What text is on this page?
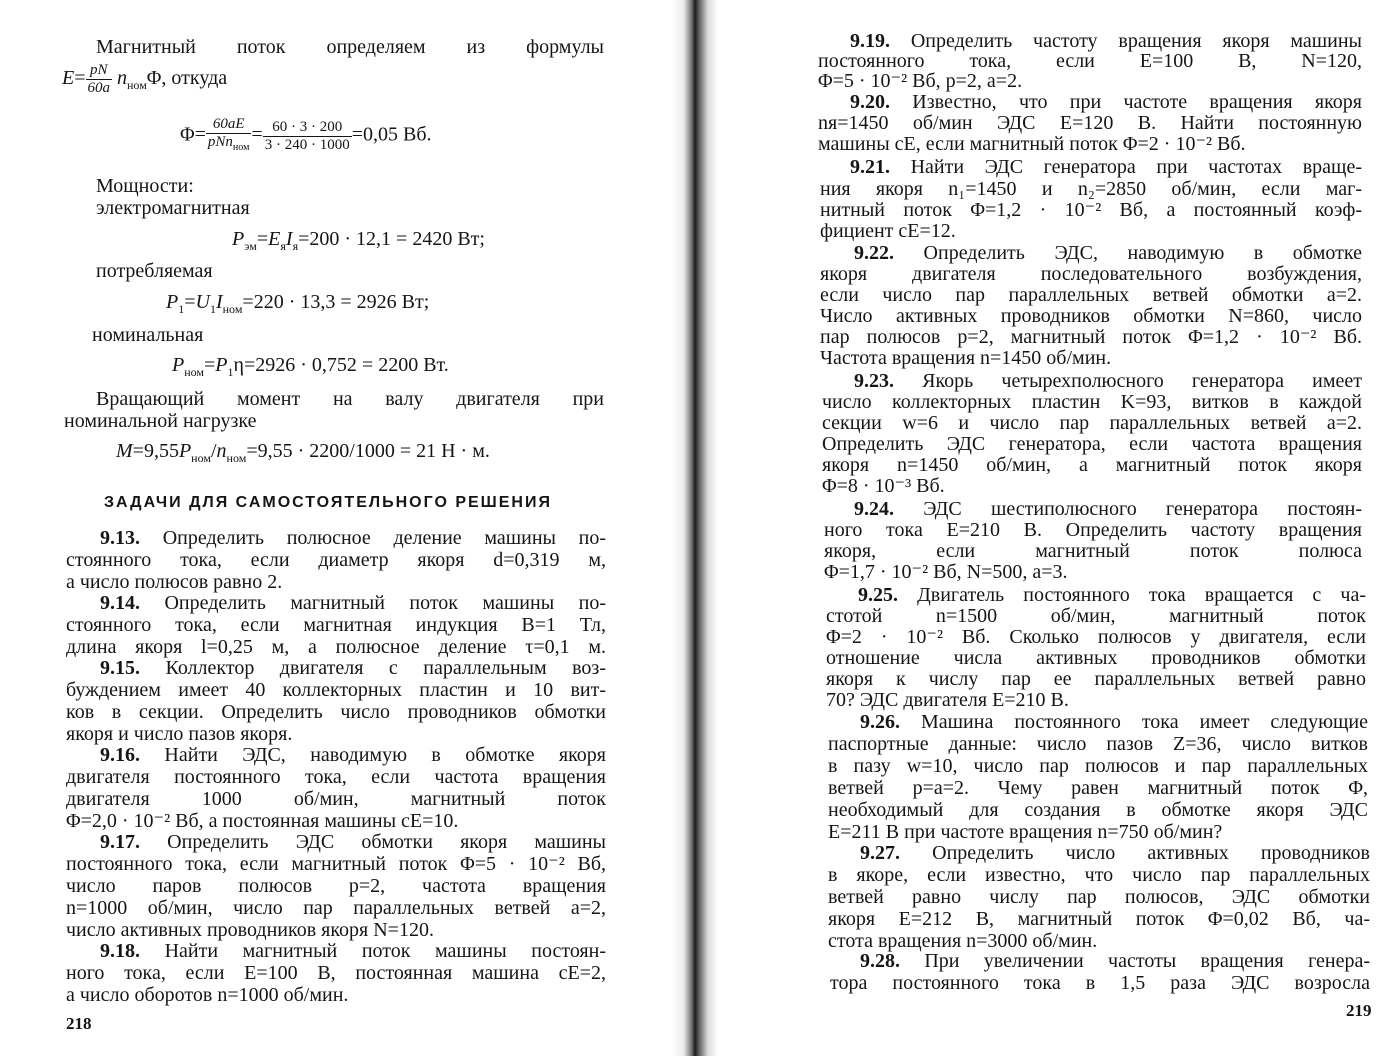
Магнитный поток определяем из формулы
$E= \frac{pN}{60a} n_{ном}\Phi$, откуда
$\Phi= \frac{60aE}{pNn_{ном}} = \frac{60 \cdot 3 \cdot 200}{3 \cdot 240 \cdot 1000} =0,05$ Вб.
Мощности:
электромагнитная
$P_{эм}=E_яI_я=200 \cdot 12,1 = 2420$ Вт;
потребляемая
$P_1=U_1I_{ном}=220 \cdot 13,3 = 2926$ Вт;
номинальная
$P_{ном}=P_1\eta=2926 \cdot 0,752 = 2200$ Вт.
Вращающий момент на валу двигателя при
номинальной нагрузке
$M=9,55P_{ном}/n_{ном}=9,55 \cdot 2200/1000 = 21$ Н · м.
ЗАДАЧИ ДЛЯ САМОСТОЯТЕЛЬНОГО РЕШЕНИЯ
9.13. Определить полюсное деление машины по-
стоянного тока, если диаметр якоря d=0,319 м,
а число полюсов равно 2.
9.14. Определить магнитный поток машины по-
стоянного тока, если магнитная индукция B=1 Тл,
длина якоря l=0,25 м, а полюсное деление τ=0,1 м.
9.15. Коллектор двигателя с параллельным воз-
буждением имеет 40 коллекторных пластин и 10 вит-
ков в секции. Определить число проводников обмотки
якоря и число пазов якоря.
9.16. Найти ЭДС, наводимую в обмотке якоря
двигателя постоянного тока, если частота вращения
двигателя 1000 об/мин, магнитный поток
Φ=2,0 · 10⁻² Вб, а постоянная машины cE=10.
9.17. Определить ЭДС обмотки якоря машины
постоянного тока, если магнитный поток Φ=5 · 10⁻² Вб,
число паров полюсов p=2, частота вращения
n=1000 об/мин, число пар параллельных ветвей a=2,
число активных проводников якоря N=120.
9.18. Найти магнитный поток машины постоян-
ного тока, если E=100 В, постоянная машина cE=2,
а число оборотов n=1000 об/мин.
218
9.19. Определить частоту вращения якоря машины
постоянного тока, если E=100 В, N=120,
Φ=5 · 10⁻² Вб, p=2, a=2.
9.20. Известно, что при частоте вращения якоря
nя=1450 об/мин ЭДС E=120 В. Найти постоянную
машины cE, если магнитный поток Φ=2 · 10⁻² Вб.
9.21. Найти ЭДС генератора при частотах враще-
ния якоря n₁=1450 и n₂=2850 об/мин, если маг-
нитный поток Φ=1,2 · 10⁻² Вб, а постоянный коэф-
фициент cE=12.
9.22. Определить ЭДС, наводимую в обмотке
якоря двигателя последовательного возбуждения,
если число пар параллельных ветвей обмотки a=2.
Число активных проводников обмотки N=860, число
пар полюсов p=2, магнитный поток Φ=1,2 · 10⁻² Вб.
Частота вращения n=1450 об/мин.
9.23. Якорь четырехполюсного генератора имеет
число коллекторных пластин K=93, витков в каждой
секции w=6 и число пар параллельных ветвей a=2.
Определить ЭДС генератора, если частота вращения
якоря n=1450 об/мин, а магнитный поток якоря
Φ=8 · 10⁻³ Вб.
9.24. ЭДС шестиполюсного генератора постоян-
ного тока E=210 В. Определить частоту вращения
якоря, если магнитный поток полюса
Φ=1,7 · 10⁻² Вб, N=500, a=3.
9.25. Двигатель постоянного тока вращается с ча-
стотой n=1500 об/мин, магнитный поток
Φ=2 · 10⁻² Вб. Сколько полюсов у двигателя, если
отношение числа активных проводников обмотки
якоря к числу пар ее параллельных ветвей равно
70? ЭДС двигателя E=210 В.
9.26. Машина постоянного тока имеет следующие
паспортные данные: число пазов Z=36, число витков
в пазу w=10, число пар полюсов и пар параллельных
ветвей p=a=2. Чему равен магнитный поток Φ,
необходимый для создания в обмотке якоря ЭДС
E=211 В при частоте вращения n=750 об/мин?
9.27. Определить число активных проводников
в якоре, если известно, что число пар параллельных
ветвей равно числу пар полюсов, ЭДС обмотки
якоря E=212 В, магнитный поток Φ=0,02 Вб, ча-
стота вращения n=3000 об/мин.
9.28. При увеличении частоты вращения генера-
тора постоянного тока в 1,5 раза ЭДС возросла
219
